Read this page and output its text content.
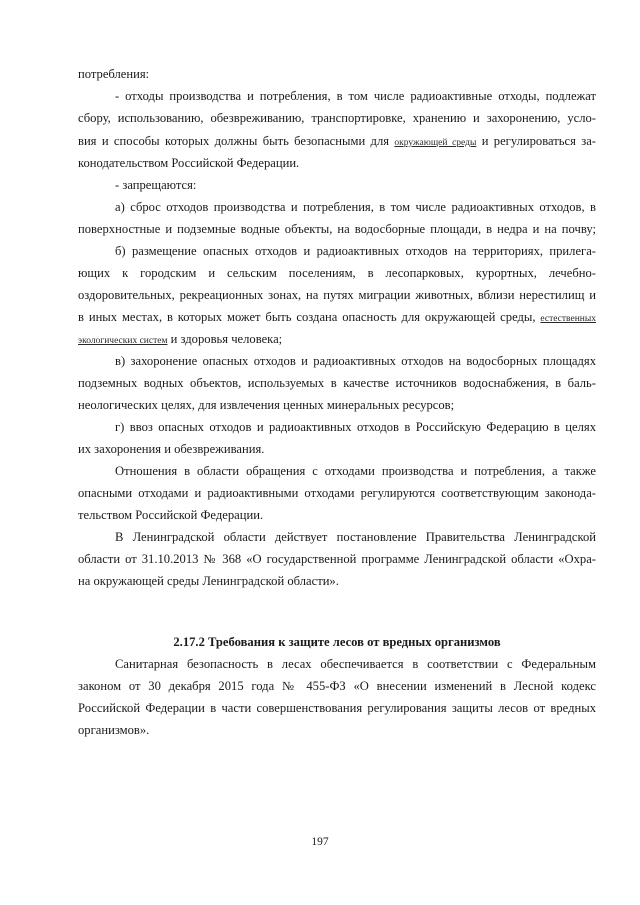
потребления:
- отходы производства и потребления, в том числе радиоактивные отходы, подлежат
сбору, использованию, обезвреживанию, транспортировке, хранению и захоронению, усло-
вия и способы которых должны быть безопасными для окружающей среды и регулироваться за-
конодательством Российской Федерации.
- запрещаются:
а) сброс отходов производства и потребления, в том числе радиоактивных отходов, в
поверхностные и подземные водные объекты, на водосборные площади, в недра и на почву;
б) размещение опасных отходов и радиоактивных отходов на территориях, прилега-
ющих к городским и сельским поселениям, в лесопарковых, курортных, лечебно-
оздоровительных, рекреационных зонах, на путях миграции животных, вблизи нерестилищ и
в иных местах, в которых может быть создана опасность для окружающей среды, естественных
экологических систем и здоровья человека;
в) захоронение опасных отходов и радиоактивных отходов на водосборных площадях
подземных водных объектов, используемых в качестве источников водоснабжения, в баль-
неологических целях, для извлечения ценных минеральных ресурсов;
г) ввоз опасных отходов и радиоактивных отходов в Российскую Федерацию в целях
их захоронения и обезвреживания.
Отношения в области обращения с отходами производства и потребления, а также
опасными отходами и радиоактивными отходами регулируются соответствующим законода-
тельством Российской Федерации.
В Ленинградской области действует постановление Правительства Ленинградской
области от 31.10.2013 № 368 «О государственной программе Ленинградской области «Охра-
на окружающей среды Ленинградской области».
2.17.2 Требования к защите лесов от вредных организмов
Санитарная безопасность в лесах обеспечивается в соответствии с Федеральным
законом от 30 декабря 2015 года № 455-ФЗ «О внесении изменений в Лесной кодекс
Российской Федерации в части совершенствования регулирования защиты лесов от вредных
организмов».
197
